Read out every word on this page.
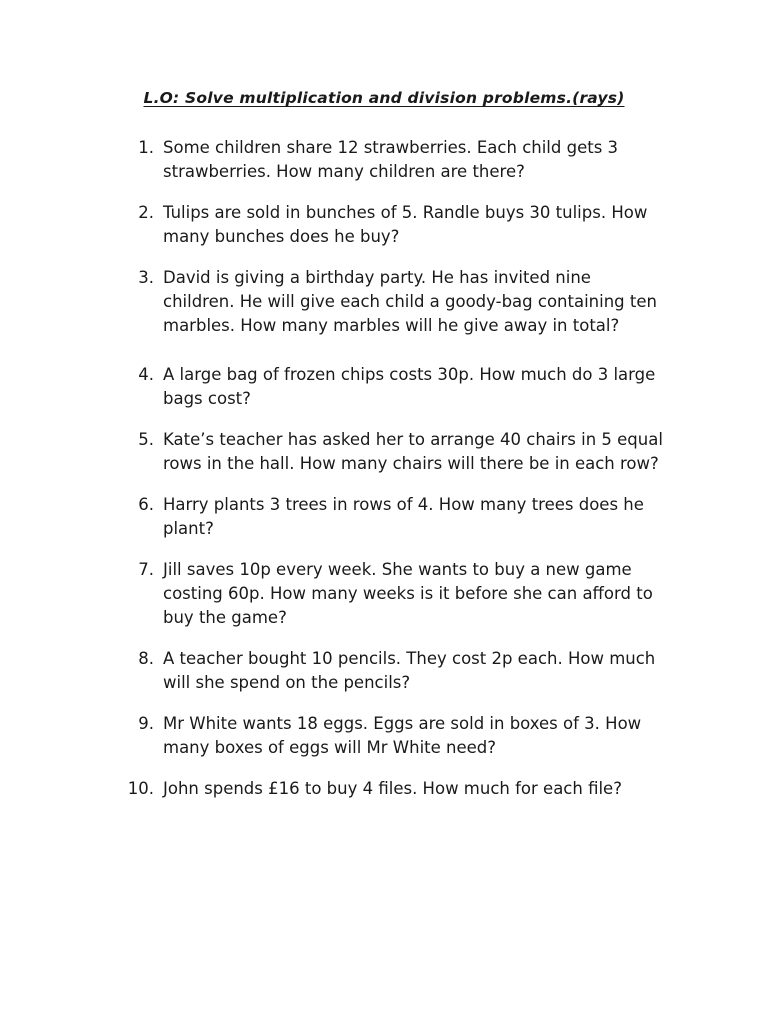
L.O: Solve multiplication and division problems.(rays)
1. Some children share 12 strawberries. Each child gets 3 strawberries. How many children are there?
2. Tulips are sold in bunches of 5. Randle buys 30 tulips. How many bunches does he buy?
3. David is giving a birthday party. He has invited nine children. He will give each child a goody-bag containing ten marbles. How many marbles will he give away in total?
4. A large bag of frozen chips costs 30p. How much do 3 large bags cost?
5. Kate’s teacher has asked her to arrange 40 chairs in 5 equal rows in the hall. How many chairs will there be in each row?
6. Harry plants 3 trees in rows of 4. How many trees does he plant?
7. Jill saves 10p every week. She wants to buy a new game costing 60p. How many weeks is it before she can afford to buy the game?
8. A teacher bought 10 pencils. They cost 2p each. How much will she spend on the pencils?
9. Mr White wants 18 eggs. Eggs are sold in boxes of 3. How many boxes of eggs will Mr White need?
10. John spends £16 to buy 4 files. How much for each file?
